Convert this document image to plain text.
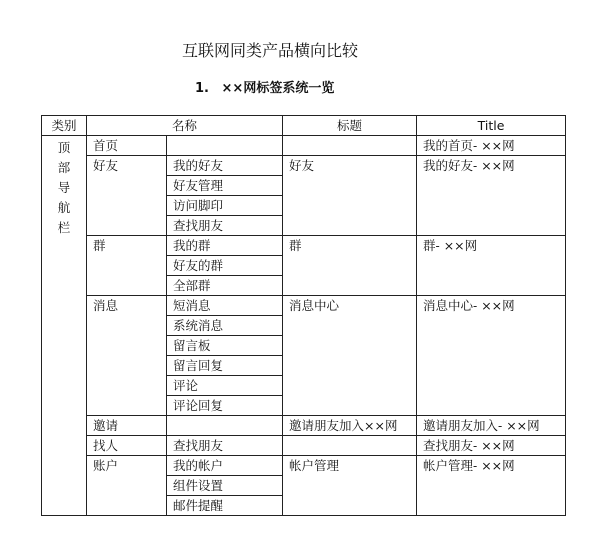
互联网同类产品横向比较
1. ××网标签系统一览
类别	名称		标题	Title

顶部导航栏	首页			我的首页- ××网
	好友	我的好友	好友	我的好友- ××网
		好友管理		
		访问脚印		
		查找朋友		
	群	我的群	群	群- ××网
		好友的群		
		全部群		
	消息	短消息	消息中心	消息中心- ××网
		系统消息		
		留言板		
		留言回复		
		评论		
		评论回复		
	邀请		邀请朋友加入××网	邀请朋友加入- ××网
	找人	查找朋友		查找朋友- ××网
	账户	我的帐户	帐户管理	帐户管理- ××网
		组件设置		
		邮件提醒		
